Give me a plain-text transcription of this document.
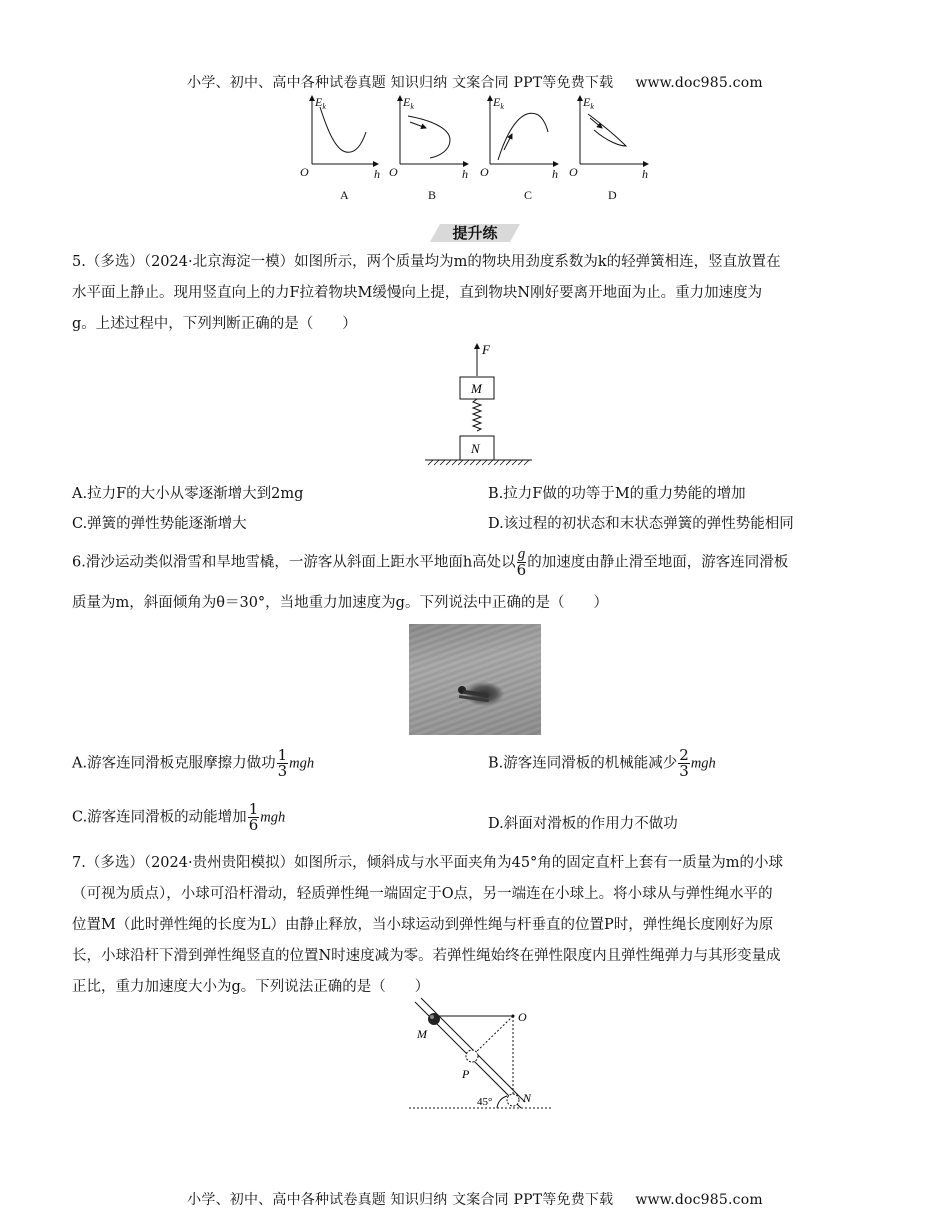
小学、初中、高中各种试卷真题 知识归纳 文案合同 PPT等免费下载 www.doc985.com
$E_k$
O	h
A
$E_k$
O	h
B
$E_k$
O	h
C
$E_k$
O	h
D
提升练
5.（多选）（2024·北京海淀一模）如图所示，两个质量均为m的物块用劲度系数为k的轻弹簧相连，竖直放置在
水平面上静止。现用竖直向上的力F拉着物块M缓慢向上提，直到物块N刚好要离开地面为止。重力加速度为
g。上述过程中，下列判断正确的是（　　）
F
M
N
A.拉力F的大小从零逐渐增大到2mg	B.拉力F做的功等于M的重力势能的增加
C.弹簧的弹性势能逐渐增大	D.该过程的初状态和末状态弹簧的弹性势能相同
6.滑沙运动类似滑雪和旱地雪橇，一游客从斜面上距水平地面h高处以 $\frac{g}{6}$ 的加速度由静止滑至地面，游客连同滑板
质量为m，斜面倾角为θ＝30°，当地重力加速度为g。下列说法中正确的是（　　）
A.游客连同滑板克服摩擦力做功 $\frac{1}{3}$ mgh	B.游客连同滑板的机械能减少 $\frac{2}{3}$ mgh
C.游客连同滑板的动能增加 $\frac{1}{6}$ mgh	D.斜面对滑板的作用力不做功
7.（多选）（2024·贵州贵阳模拟）如图所示，倾斜成与水平面夹角为45°角的固定直杆上套有一质量为m的小球
（可视为质点），小球可沿杆滑动，轻质弹性绳一端固定于O点，另一端连在小球上。将小球从与弹性绳水平的
位置M（此时弹性绳的长度为L）由静止释放，当小球运动到弹性绳与杆垂直的位置P时，弹性绳长度刚好为原
长，小球沿杆下滑到弹性绳竖直的位置N时速度减为零。若弹性绳始终在弹性限度内且弹性绳弹力与其形变量成
正比，重力加速度大小为g。下列说法正确的是（　　）
O
M
P
N
45°
小学、初中、高中各种试卷真题 知识归纳 文案合同 PPT等免费下载 www.doc985.com
